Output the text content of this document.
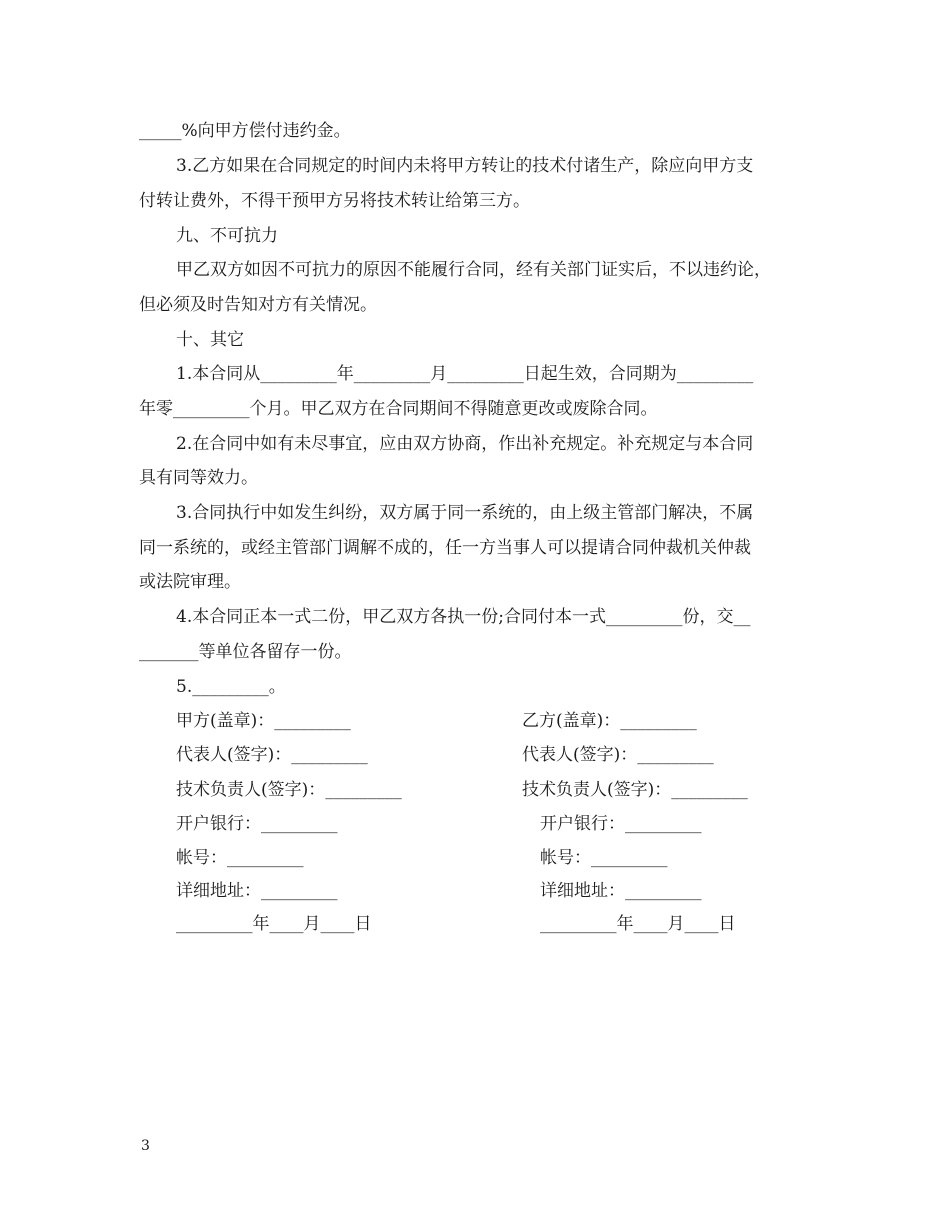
_____%向甲方偿付违约金。
3.乙方如果在合同规定的时间内未将甲方转让的技术付诸生产，除应向甲方支
付转让费外，不得干预甲方另将技术转让给第三方。
九、不可抗力
甲乙双方如因不可抗力的原因不能履行合同，经有关部门证实后，不以违约论，
但必须及时告知对方有关情况。
十、其它
1.本合同从_________年_________月_________日起生效，合同期为_________
年零_________个月。甲乙双方在合同期间不得随意更改或废除合同。
2.在合同中如有未尽事宜，应由双方协商，作出补充规定。补充规定与本合同
具有同等效力。
3.合同执行中如发生纠纷，双方属于同一系统的，由上级主管部门解决，不属
同一系统的，或经主管部门调解不成的，任一方当事人可以提请合同仲裁机关仲裁
或法院审理。
4.本合同正本一式二份，甲乙双方各执一份;合同付本一式_________份，交__
_______等单位各留存一份。
5._________。
甲方(盖章)：_________	乙方(盖章)：_________
代表人(签字)：_________	代表人(签字)：_________
技术负责人(签字)：_________	技术负责人(签字)：_________
开户银行：_________	开户银行：_________
帐号：_________	帐号：_________
详细地址：_________	详细地址：_________
_________年____月____日	_________年____月____日
3
